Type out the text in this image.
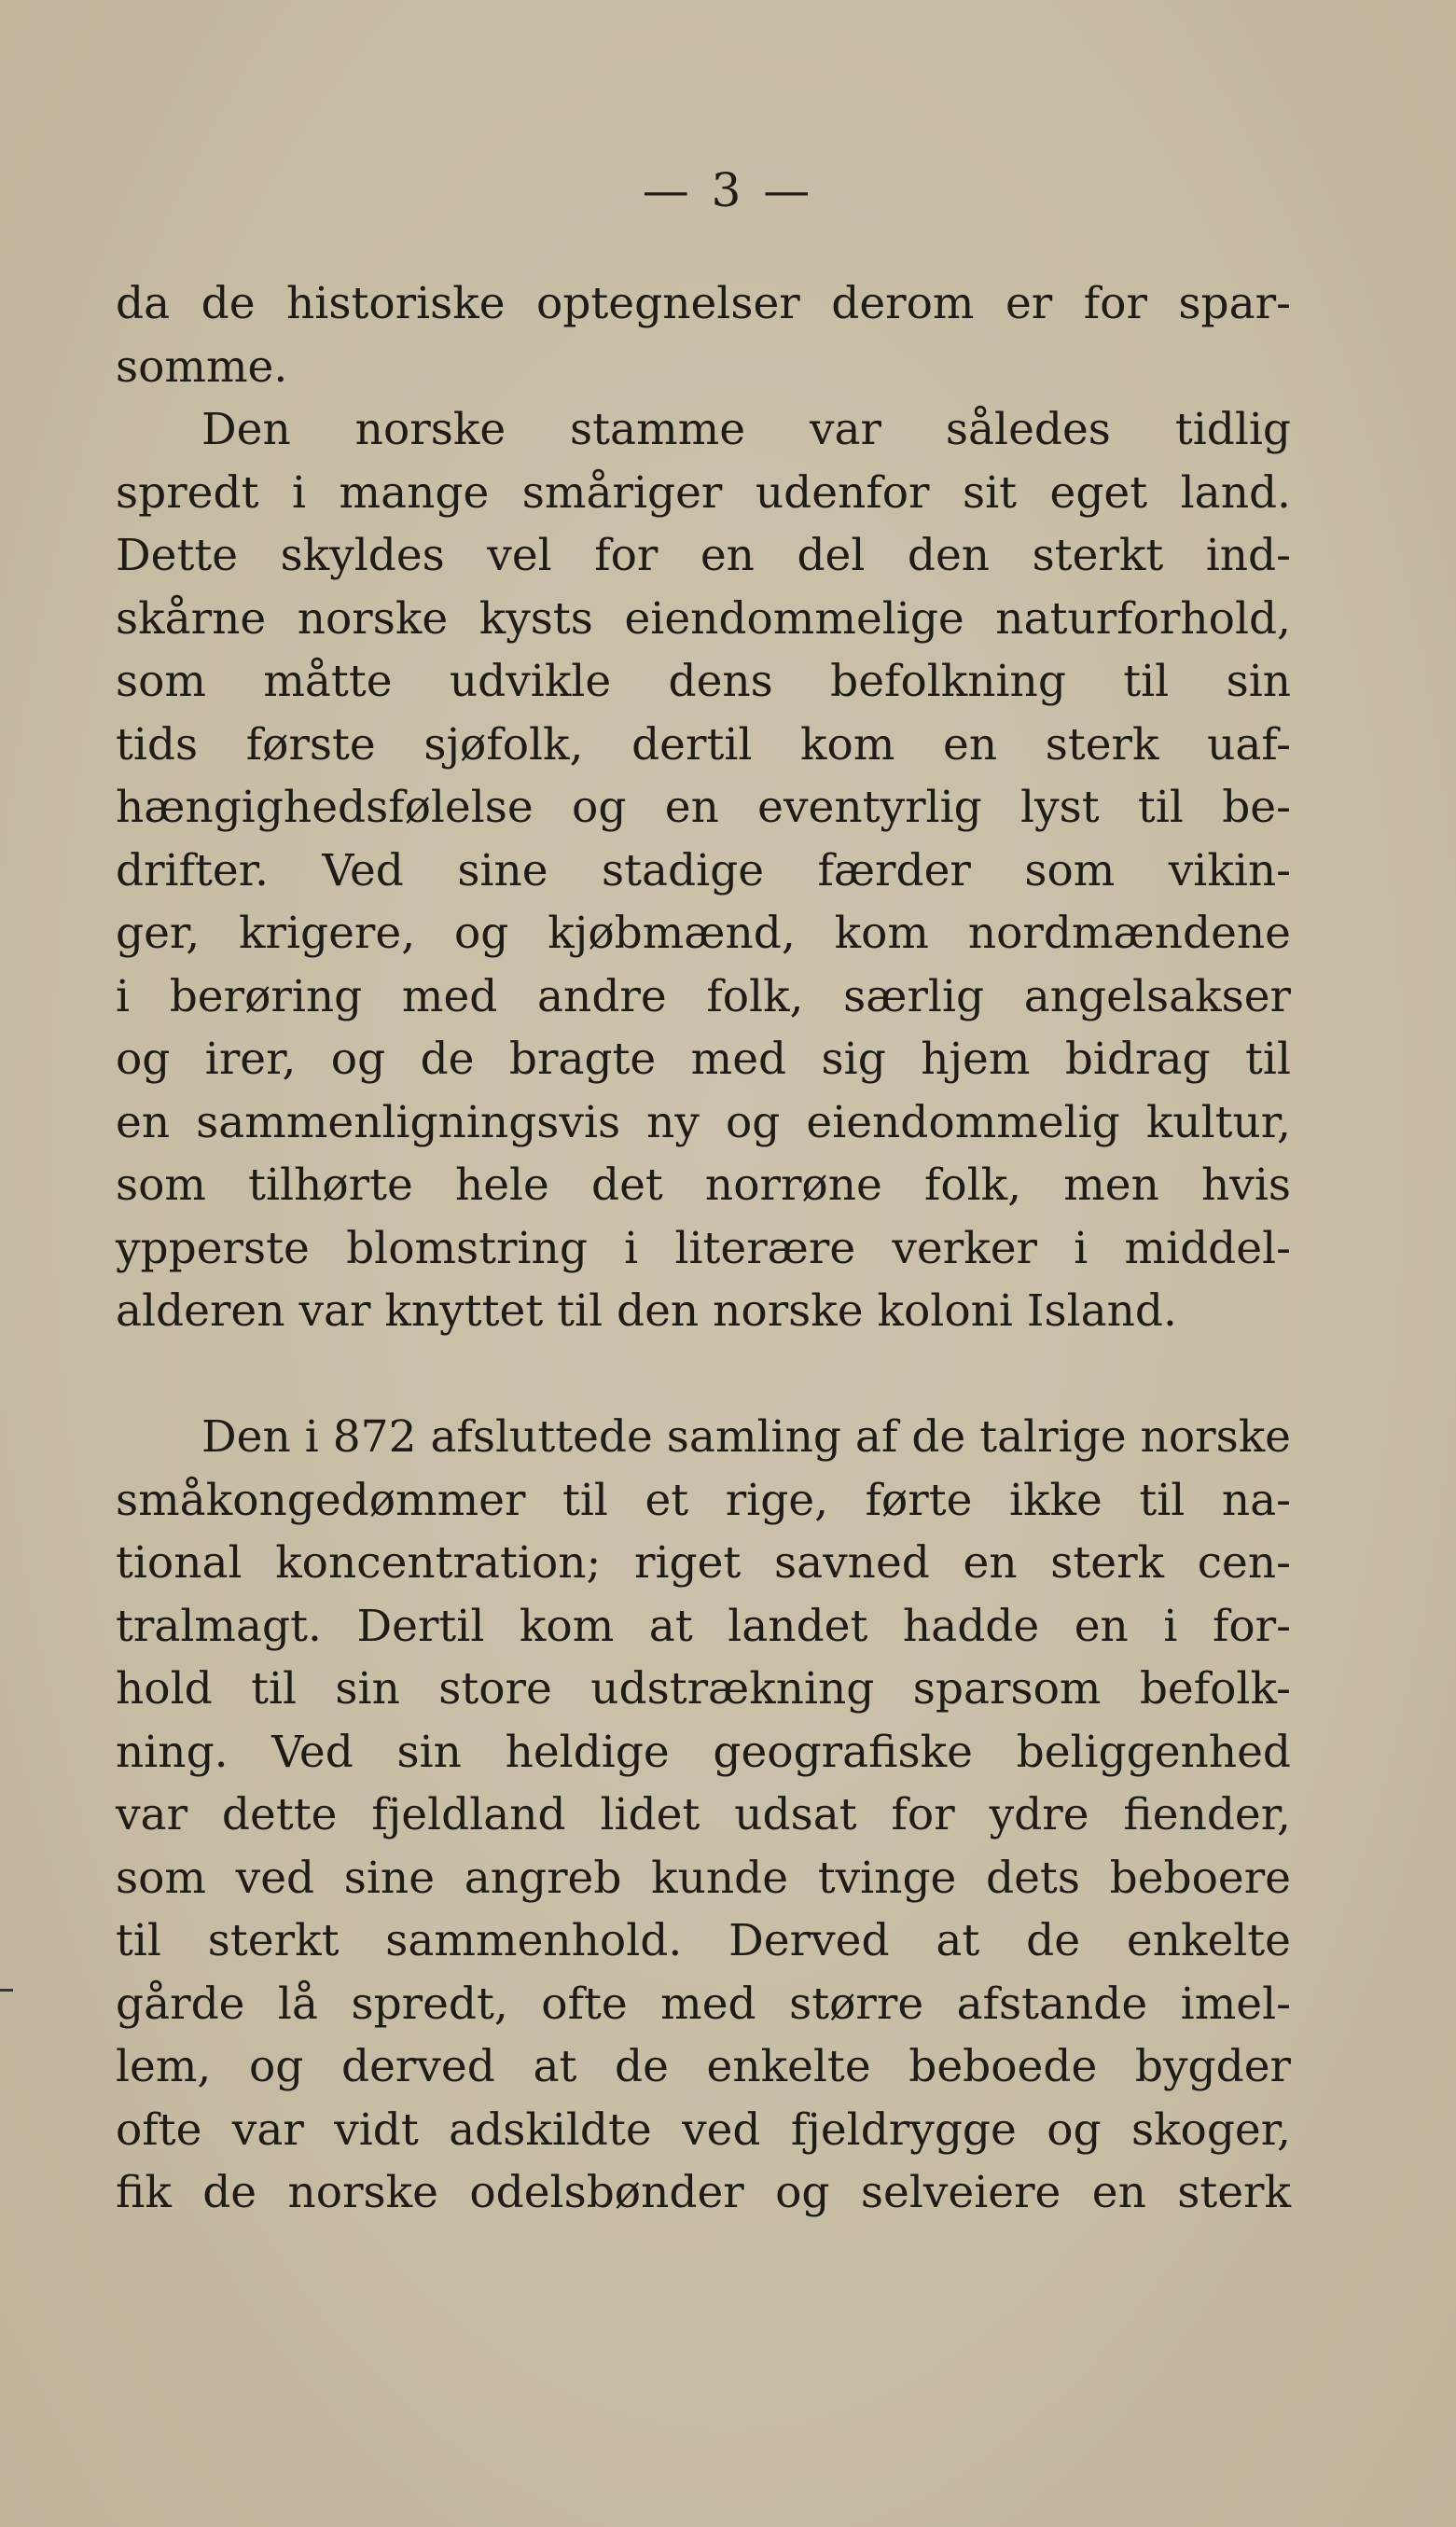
— 3 —
da de historiske optegnelser derom er for spar-
somme.
Den norske stamme var således tidlig
spredt i mange småriger udenfor sit eget land.
Dette skyldes vel for en del den sterkt ind-
skårne norske kysts eiendommelige naturforhold,
som måtte udvikle dens befolkning til sin
tids første sjøfolk, dertil kom en sterk uaf-
hængighedsfølelse og en eventyrlig lyst til be-
drifter. Ved sine stadige færder som vikin-
ger, krigere, og kjøbmænd, kom nordmændene
i berøring med andre folk, særlig angelsakser
og irer, og de bragte med sig hjem bidrag til
en sammenligningsvis ny og eiendommelig kultur,
som tilhørte hele det norrøne folk, men hvis
ypperste blomstring i literære verker i middel-
alderen var knyttet til den norske koloni Island.
Den i 872 afsluttede samling af de talrige norske
småkongedømmer til et rige, førte ikke til na-
tional koncentration; riget savned en sterk cen-
tralmagt. Dertil kom at landet hadde en i for-
hold til sin store udstrækning sparsom befolk-
ning. Ved sin heldige geografiske beliggenhed
var dette fjeldland lidet udsat for ydre fiender,
som ved sine angreb kunde tvinge dets beboere
til sterkt sammenhold. Derved at de enkelte
gårde lå spredt, ofte med større afstande imel-
lem, og derved at de enkelte beboede bygder
ofte var vidt adskildte ved fjeldrygge og skoger,
fik de norske odelsbønder og selveiere en sterk
